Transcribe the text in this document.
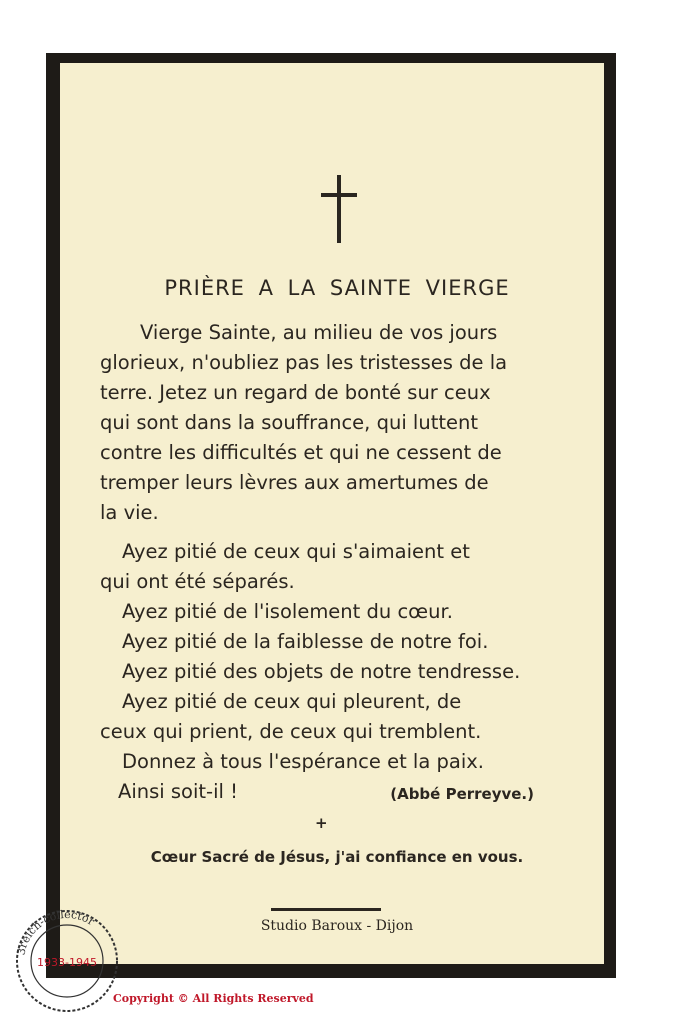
PRIÈRE A LA SAINTE VIERGE
Vierge Sainte, au milieu de vos jours
glorieux, n'oubliez pas les tristesses de la
terre. Jetez un regard de bonté sur ceux
qui sont dans la souffrance, qui luttent
contre les difficultés et qui ne cessent de
tremper leurs lèvres aux amertumes de
la vie.
Ayez pitié de ceux qui s'aimaient et
qui ont été séparés.
Ayez pitié de l'isolement du cœur.
Ayez pitié de la faiblesse de notre foi.
Ayez pitié des objets de notre tendresse.
Ayez pitié de ceux qui pleurent, de
ceux qui prient, de ceux qui tremblent.
Donnez à tous l'espérance et la paix.
Ainsi soit-il !	(Abbé Perreyve.)
+
Cœur Sacré de Jésus, j'ai confiance en vous.
Studio Baroux - Dijon
3reich-collector
1933-1945
Copyright © All Rights Reserved
